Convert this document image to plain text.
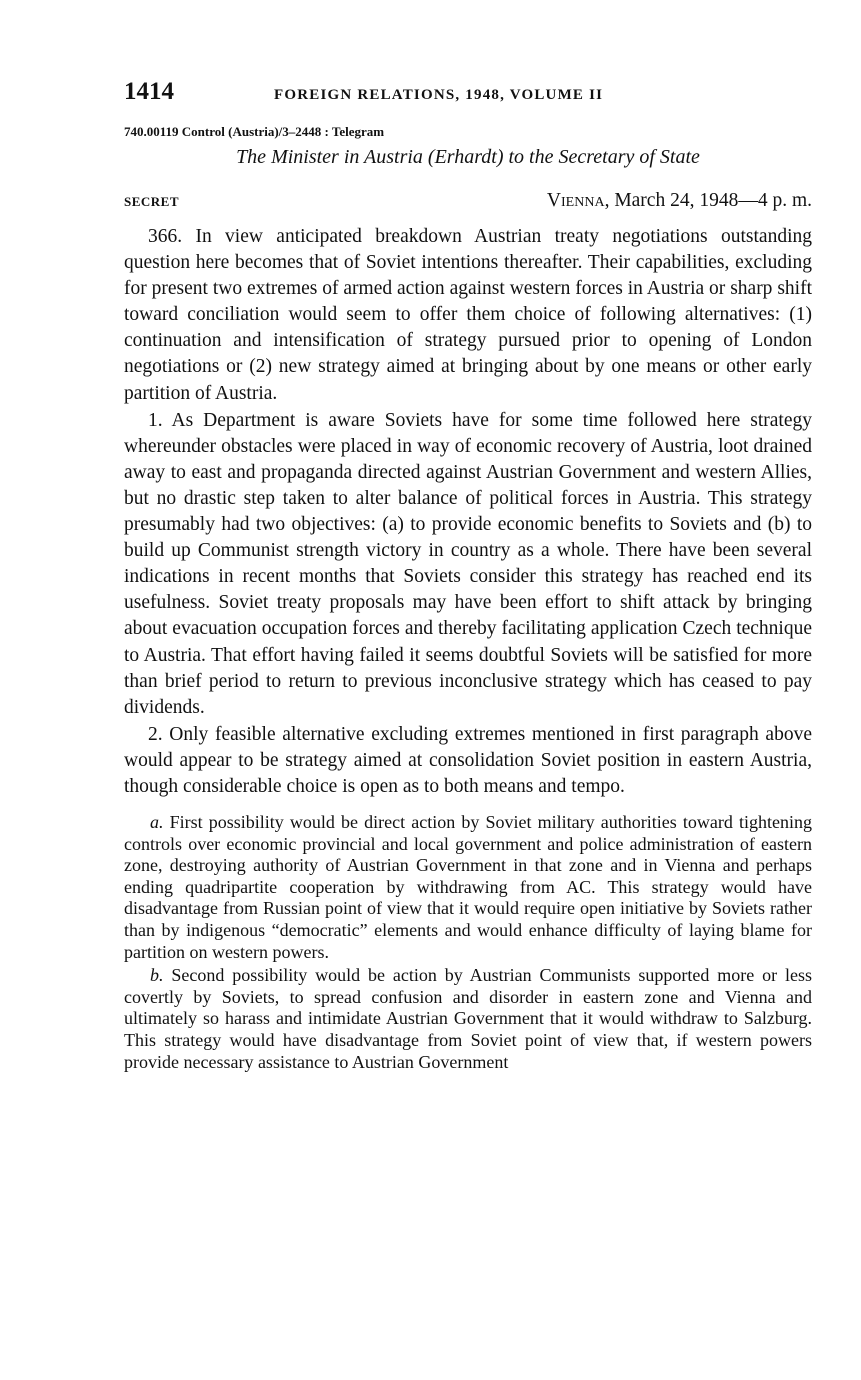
1414	FOREIGN RELATIONS, 1948, VOLUME II
740.00119 Control (Austria)/3–2448 : Telegram
The Minister in Austria (Erhardt) to the Secretary of State
SECRET	Vienna, March 24, 1948—4 p. m.

366. In view anticipated breakdown Austrian treaty negotiations outstanding question here becomes that of Soviet intentions thereafter. Their capabilities, excluding for present two extremes of armed action against western forces in Austria or sharp shift toward conciliation would seem to offer them choice of following alternatives: (1) continuation and intensification of strategy pursued prior to opening of London negotiations or (2) new strategy aimed at bringing about by one means or other early partition of Austria.

1. As Department is aware Soviets have for some time followed here strategy whereunder obstacles were placed in way of economic recovery of Austria, loot drained away to east and propaganda directed against Austrian Government and western Allies, but no drastic step taken to alter balance of political forces in Austria. This strategy presumably had two objectives: (a) to provide economic benefits to Soviets and (b) to build up Communist strength victory in country as a whole. There have been several indications in recent months that Soviets consider this strategy has reached end its usefulness. Soviet treaty proposals may have been effort to shift attack by bringing about evacuation occupation forces and thereby facilitating application Czech technique to Austria. That effort having failed it seems doubtful Soviets will be satisfied for more than brief period to return to previous inconclusive strategy which has ceased to pay dividends.

2. Only feasible alternative excluding extremes mentioned in first paragraph above would appear to be strategy aimed at consolidation Soviet position in eastern Austria, though considerable choice is open as to both means and tempo.

a. First possibility would be direct action by Soviet military authorities toward tightening controls over economic provincial and local government and police administration of eastern zone, destroying authority of Austrian Government in that zone and in Vienna and perhaps ending quadripartite cooperation by withdrawing from AC. This strategy would have disadvantage from Russian point of view that it would require open initiative by Soviets rather than by indigenous “democratic” elements and would enhance difficulty of laying blame for partition on western powers.

b. Second possibility would be action by Austrian Communists supported more or less covertly by Soviets, to spread confusion and disorder in eastern zone and Vienna and ultimately so harass and intimidate Austrian Government that it would withdraw to Salzburg. This strategy would have disadvantage from Soviet point of view that, if western powers provide necessary assistance to Austrian Government
